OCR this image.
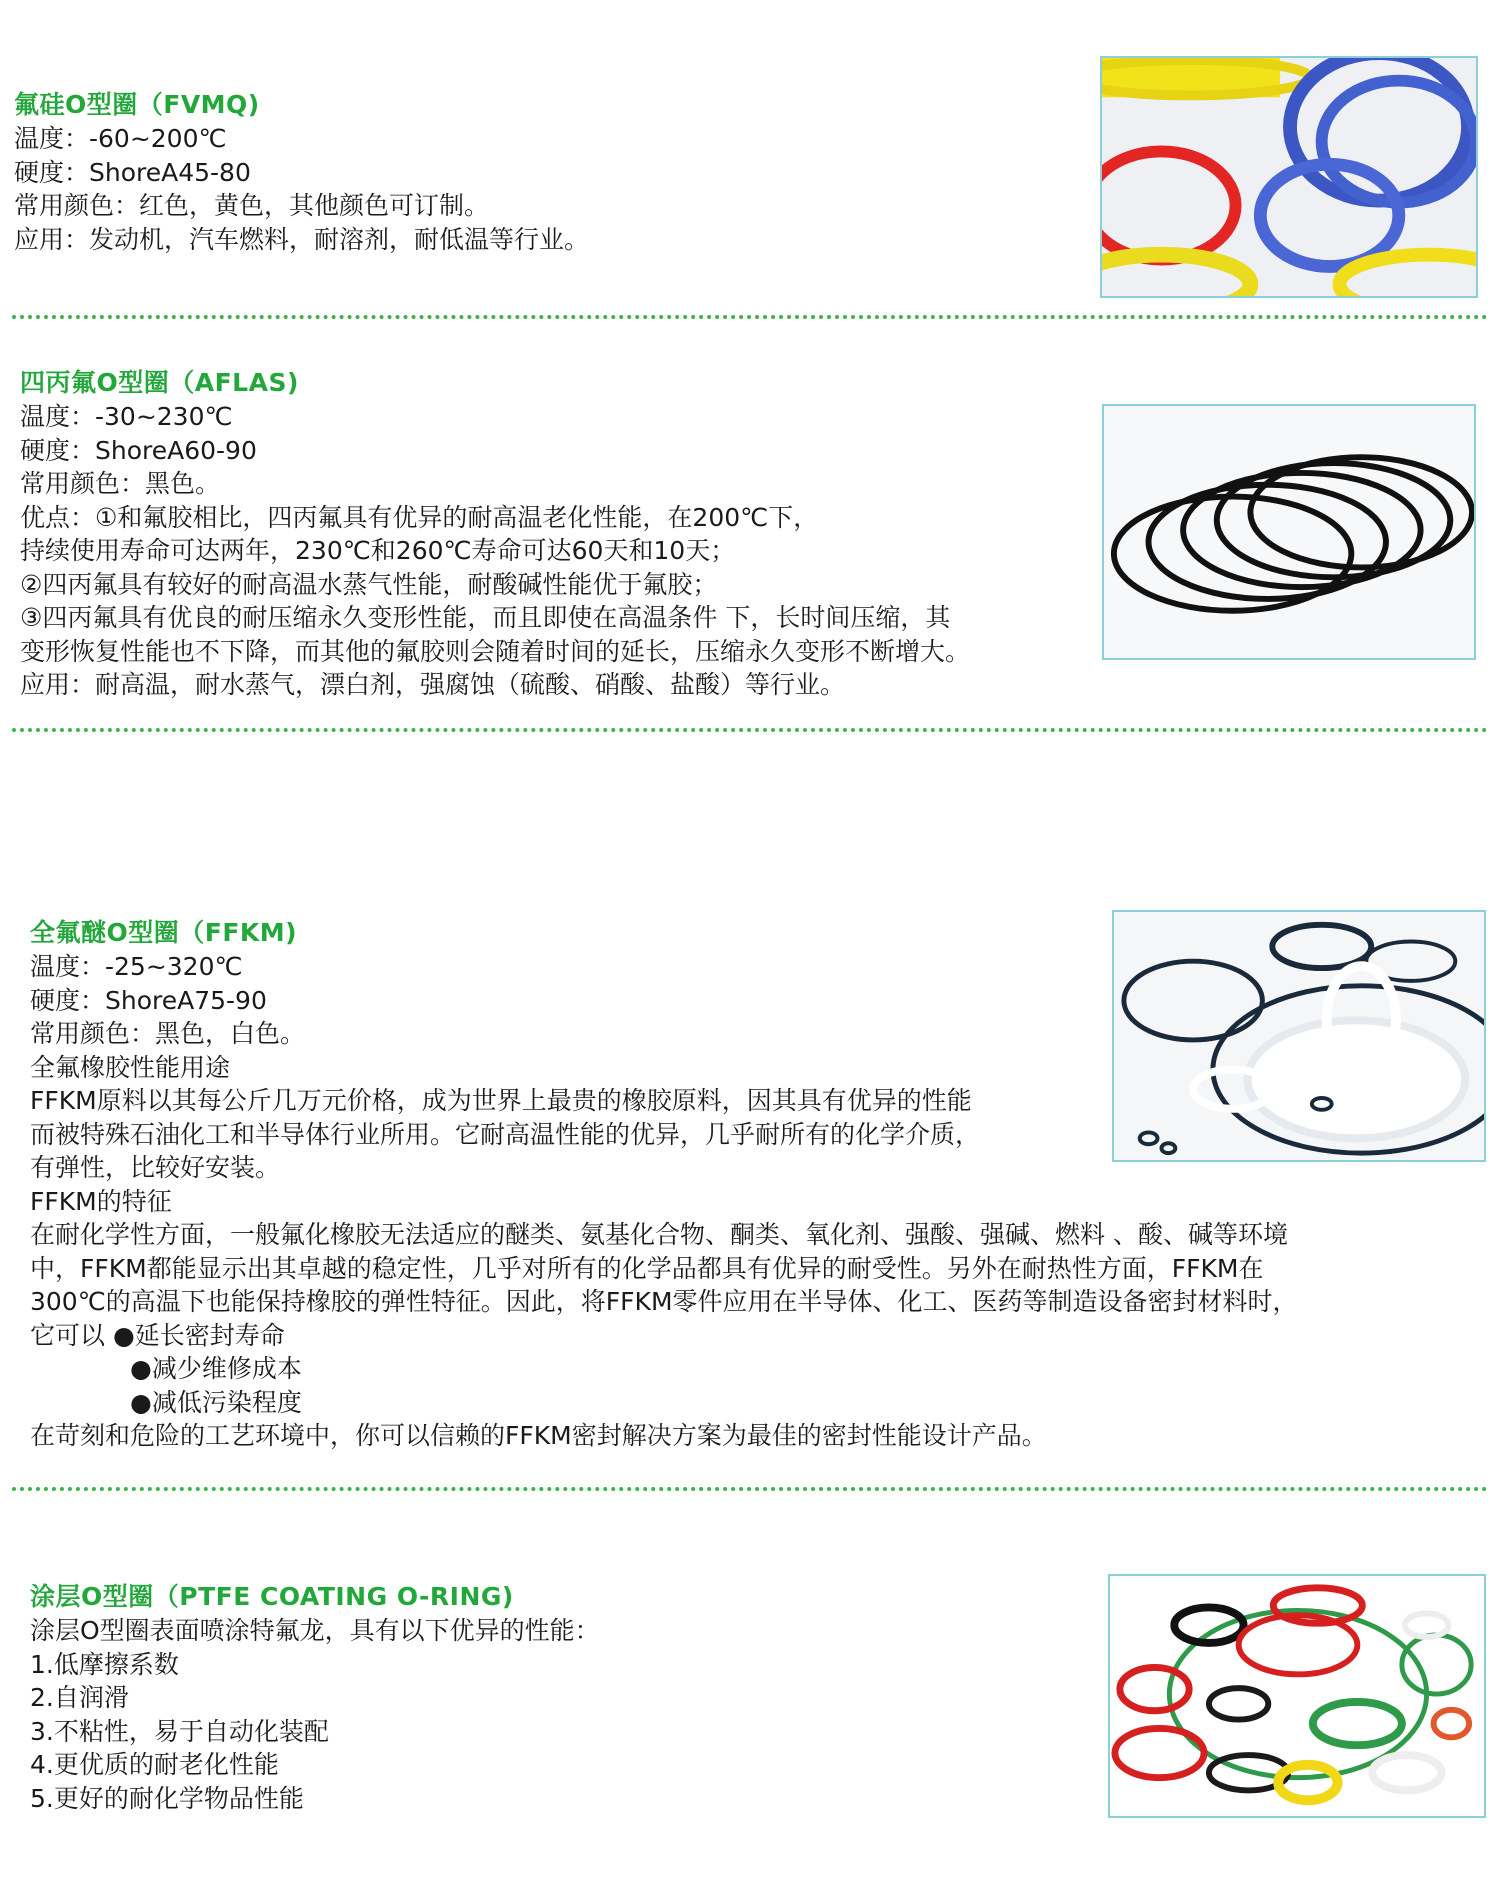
氟硅O型圈（FVMQ)
温度：-60~200℃
硬度：ShoreA45-80
常用颜色：红色，黄色，其他颜色可订制。
应用：发动机，汽车燃料，耐溶剂，耐低温等行业。
四丙氟O型圈（AFLAS)
温度：-30~230℃
硬度：ShoreA60-90
常用颜色：黑色。
优点：①和氟胶相比，四丙氟具有优异的耐高温老化性能，在200℃下，
持续使用寿命可达两年，230℃和260℃寿命可达60天和10天；
②四丙氟具有较好的耐高温水蒸气性能，耐酸碱性能优于氟胶；
③四丙氟具有优良的耐压缩永久变形性能，而且即使在高温条件 下，长时间压缩，其
变形恢复性能也不下降，而其他的氟胶则会随着时间的延长，压缩永久变形不断增大。
应用：耐高温，耐水蒸气，漂白剂，强腐蚀（硫酸、硝酸、盐酸）等行业。
全氟醚O型圈（FFKM)
温度：-25~320℃
硬度：ShoreA75-90
常用颜色：黑色，白色。
全氟橡胶性能用途
FFKM原料以其每公斤几万元价格，成为世界上最贵的橡胶原料，因其具有优异的性能
而被特殊石油化工和半导体行业所用。它耐高温性能的优异，几乎耐所有的化学介质，
有弹性，比较好安装。
FFKM的特征
在耐化学性方面，一般氟化橡胶无法适应的醚类、氨基化合物、酮类、氧化剂、强酸、强碱、燃料 、酸、碱等环境
中，FFKM都能显示出其卓越的稳定性，几乎对所有的化学品都具有优异的耐受性。另外在耐热性方面，FFKM在
300℃的高温下也能保持橡胶的弹性特征。因此，将FFKM零件应用在半导体、化工、医药等制造设备密封材料时，
它可以 ●延长密封寿命
●减少维修成本
●减低污染程度
在苛刻和危险的工艺环境中，你可以信赖的FFKM密封解决方案为最佳的密封性能设计产品。
涂层O型圈（PTFE COATING O-RING)
涂层O型圈表面喷涂特氟龙，具有以下优异的性能：
1.低摩擦系数
2.自润滑
3.不粘性，易于自动化装配
4.更优质的耐老化性能
5.更好的耐化学物品性能
